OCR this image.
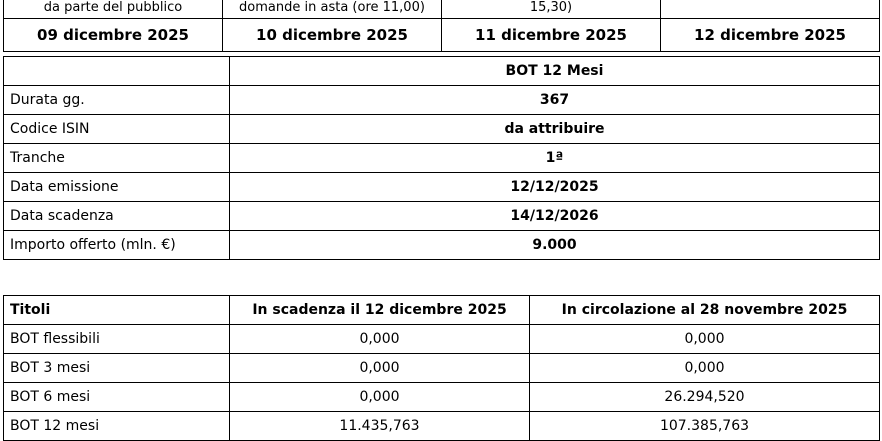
da parte del pubblico	domande in asta (ore 11,00)	15,30)	
09 dicembre 2025	10 dicembre 2025	11 dicembre 2025	12 dicembre 2025
	BOT 12 Mesi
Durata gg.	367
Codice ISIN	da attribuire
Tranche	1ª
Data emissione	12/12/2025
Data scadenza	14/12/2026
Importo offerto (mln. €)	9.000
Titoli	In scadenza il 12 dicembre 2025	In circolazione al 28 novembre 2025
BOT flessibili	0,000	0,000
BOT 3 mesi	0,000	0,000
BOT 6 mesi	0,000	26.294,520
BOT 12 mesi	11.435,763	107.385,763
